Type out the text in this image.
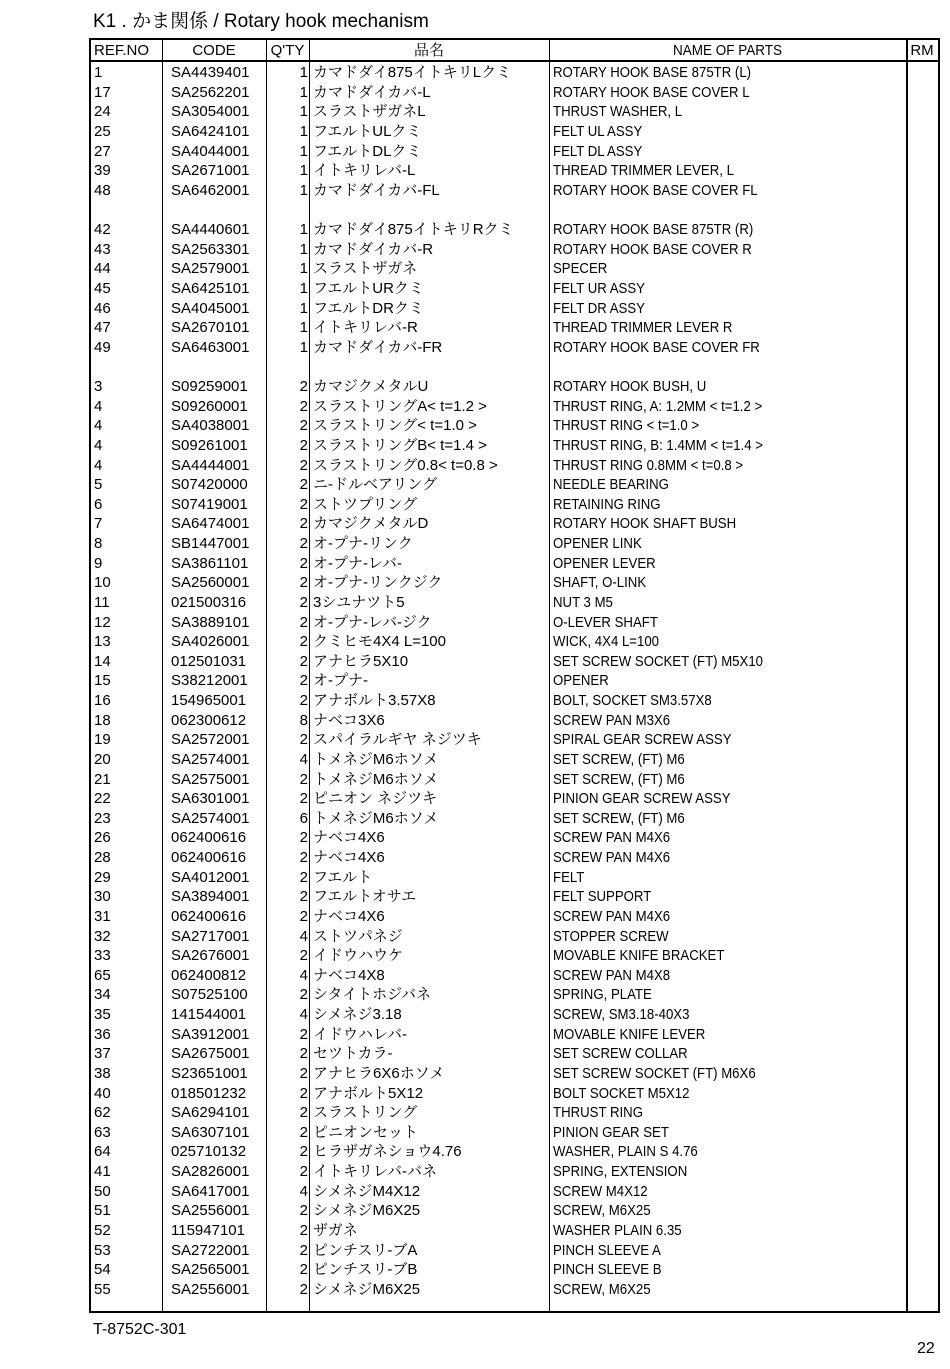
K1 . かま関係 / Rotary hook mechanism
REF.NO	CODE	Q'TY	品名	NAME OF PARTS	RM
1	SA4439401	1 カマドダイ875イトキリLクミ	ROTARY HOOK BASE 875TR (L)
17	SA2562201	1 カマドダイカバ-L	ROTARY HOOK BASE COVER L
24	SA3054001	1 スラストザガネL	THRUST WASHER, L
25	SA6424101	1 フエルトULクミ	FELT UL ASSY
27	SA4044001	1 フエルトDLクミ	FELT DL ASSY
39	SA2671001	1 イトキリレバ-L	THREAD TRIMMER LEVER, L
48	SA6462001	1 カマドダイカバ-FL	ROTARY HOOK BASE COVER FL
42	SA4440601	1 カマドダイ875イトキリRクミ	ROTARY HOOK BASE 875TR (R)
43	SA2563301	1 カマドダイカバ-R	ROTARY HOOK BASE COVER R
44	SA2579001	1 スラストザガネ	SPECER
45	SA6425101	1 フエルトURクミ	FELT UR ASSY
46	SA4045001	1 フエルトDRクミ	FELT DR ASSY
47	SA2670101	1 イトキリレバ-R	THREAD TRIMMER LEVER R
49	SA6463001	1 カマドダイカバ-FR	ROTARY HOOK BASE COVER FR
3	S09259001	2 カマジクメタルU	ROTARY HOOK BUSH, U
4	S09260001	2 スラストリングA< t=1.2 >	THRUST RING, A: 1.2MM < t=1.2 >
4	SA4038001	2 スラストリング< t=1.0 >	THRUST RING < t=1.0 >
4	S09261001	2 スラストリングB< t=1.4 >	THRUST RING, B: 1.4MM < t=1.4 >
4	SA4444001	2 スラストリング0.8< t=0.8 >	THRUST RING 0.8MM < t=0.8 >
5	S07420000	2 ニ-ドルベアリング	NEEDLE BEARING
6	S07419001	2 ストツプリング	RETAINING RING
7	SA6474001	2 カマジクメタルD	ROTARY HOOK SHAFT BUSH
8	SB1447001	2 オ-プナ-リンク	OPENER LINK
9	SA3861101	2 オ-プナ-レバ-	OPENER LEVER
10	SA2560001	2 オ-プナ-リンクジク	SHAFT, O-LINK
11	021500316	2 3シユナツト5	NUT 3 M5
12	SA3889101	2 オ-プナ-レバ-ジク	O-LEVER SHAFT
13	SA4026001	2 クミヒモ4X4 L=100	WICK, 4X4 L=100
14	012501031	2 アナヒラ5X10	SET SCREW SOCKET (FT) M5X10
15	S38212001	2 オ-プナ-	OPENER
16	154965001	2 アナボルト3.57X8	BOLT, SOCKET SM3.57X8
18	062300612	8 ナベコ3X6	SCREW PAN M3X6
19	SA2572001	2 スパイラルギヤ ネジツキ	SPIRAL GEAR SCREW ASSY
20	SA2574001	4 トメネジM6ホソメ	SET SCREW, (FT) M6
21	SA2575001	2 トメネジM6ホソメ	SET SCREW, (FT) M6
22	SA6301001	2 ピニオン ネジツキ	PINION GEAR SCREW ASSY
23	SA2574001	6 トメネジM6ホソメ	SET SCREW, (FT) M6
26	062400616	2 ナベコ4X6	SCREW PAN M4X6
28	062400616	2 ナベコ4X6	SCREW PAN M4X6
29	SA4012001	2 フエルト	FELT
30	SA3894001	2 フエルトオサエ	FELT SUPPORT
31	062400616	2 ナベコ4X6	SCREW PAN M4X6
32	SA2717001	4 ストツパネジ	STOPPER SCREW
33	SA2676001	2 イドウハウケ	MOVABLE KNIFE BRACKET
65	062400812	4 ナベコ4X8	SCREW PAN M4X8
34	S07525100	2 シタイトホジバネ	SPRING, PLATE
35	141544001	4 シメネジ3.18	SCREW, SM3.18-40X3
36	SA3912001	2 イドウハレバ-	MOVABLE KNIFE LEVER
37	SA2675001	2 セツトカラ-	SET SCREW COLLAR
38	S23651001	2 アナヒラ6X6ホソメ	SET SCREW SOCKET (FT) M6X6
40	018501232	2 アナボルト5X12	BOLT SOCKET M5X12
62	SA6294101	2 スラストリング	THRUST RING
63	SA6307101	2 ピニオンセット	PINION GEAR SET
64	025710132	2 ヒラザガネショウ4.76	WASHER, PLAIN S 4.76
41	SA2826001	2 イトキリレバ-バネ	SPRING, EXTENSION
50	SA6417001	4 シメネジM4X12	SCREW M4X12
51	SA2556001	2 シメネジM6X25	SCREW, M6X25
52	115947101	2 ザガネ	WASHER PLAIN 6.35
53	SA2722001	2 ピンチスリ-ブA	PINCH SLEEVE A
54	SA2565001	2 ピンチスリ-ブB	PINCH SLEEVE B
55	SA2556001	2 シメネジM6X25	SCREW, M6X25
T-8752C-301
22
